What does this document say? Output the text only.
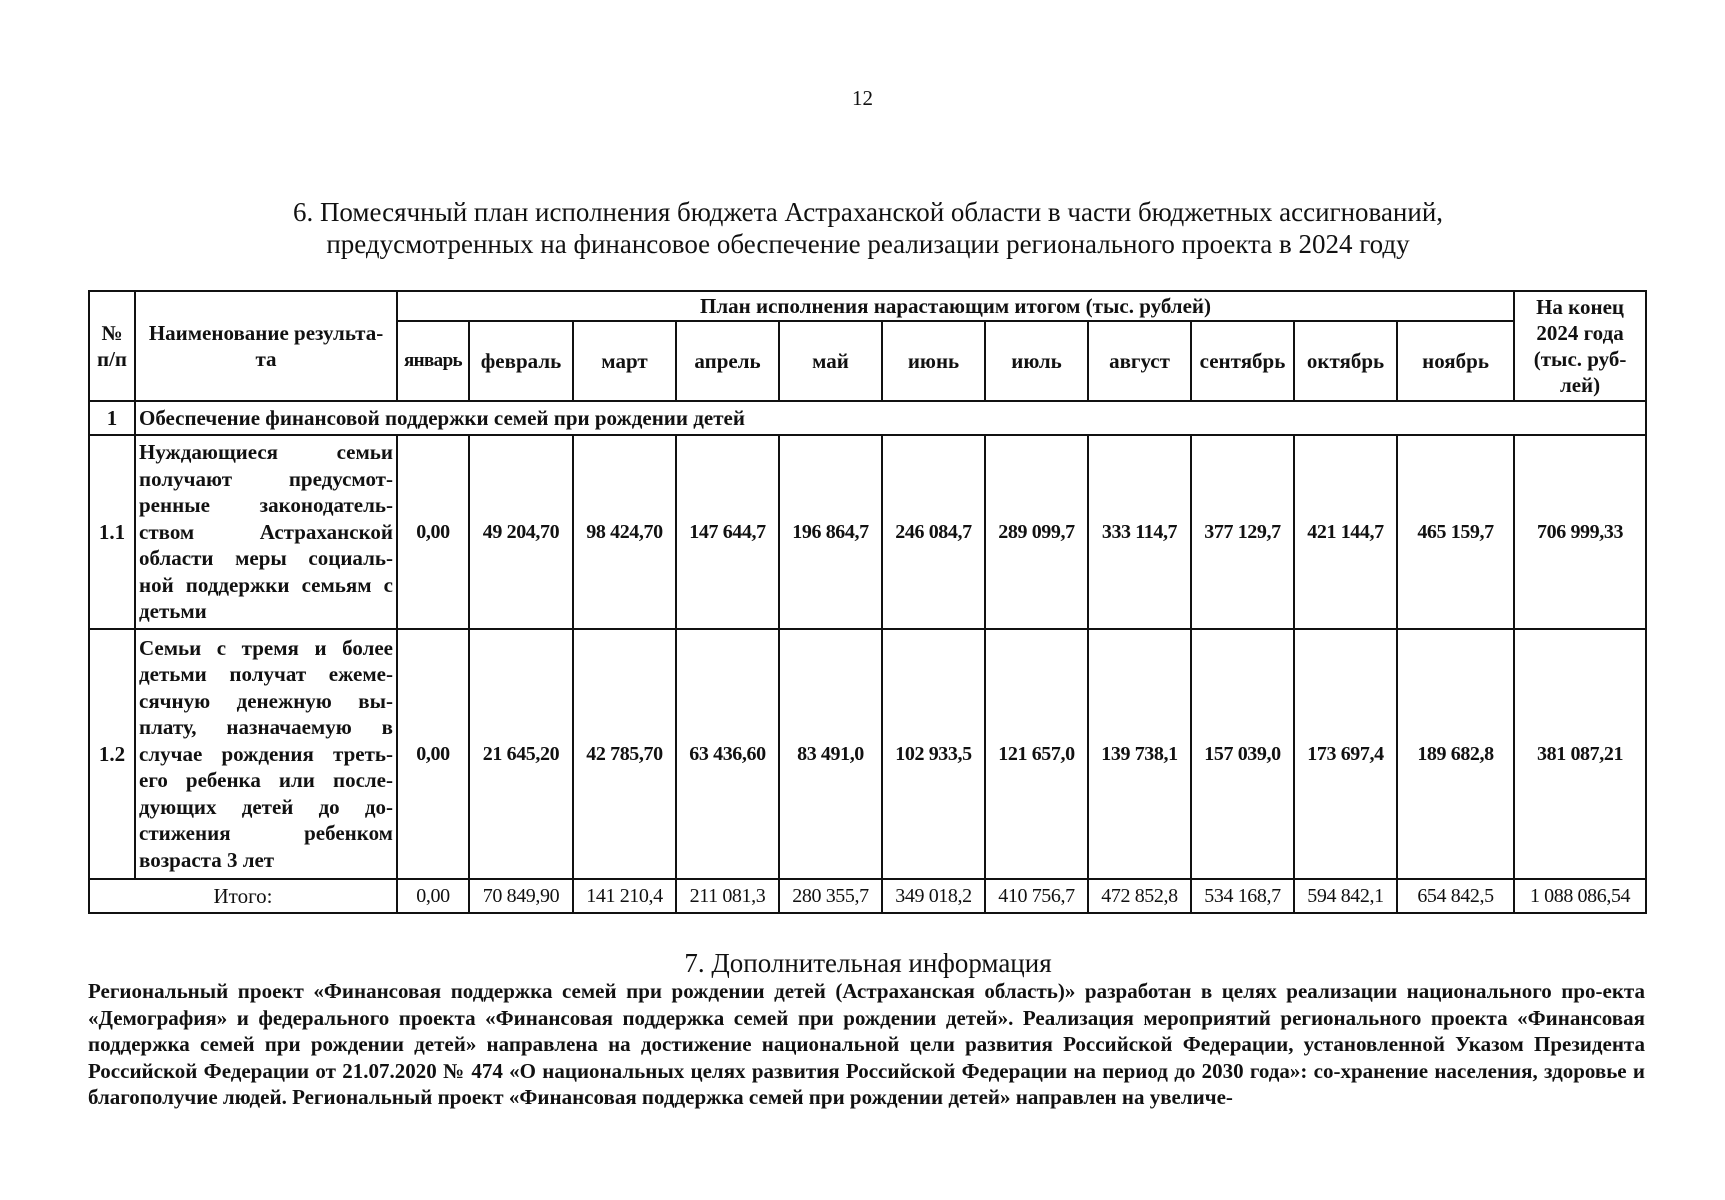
12
6. Помесячный план исполнения бюджета Астраханской области в части бюджетных ассигнований,
предусмотренных на финансовое обеспечение реализации регионального проекта в 2024 году
№ п/п	Наименование результа-та	План исполнения нарастающим итогом (тыс. рублей)											На конец 2024 года (тыс. руб-лей)
		январь	февраль	март	апрель	май	июнь	июль	август	сентябрь	октябрь	ноябрь	
1	Обеспечение финансовой поддержки семей при рождении детей												
1.1	Нуждающиеся семьи получают предусмот-ренные законодатель-ством Астраханской области меры социаль-ной поддержки семьям с детьми	0,00	49 204,70	98 424,70	147 644,7	196 864,7	246 084,7	289 099,7	333 114,7	377 129,7	421 144,7	465 159,7	706 999,33
1.2	Семьи с тремя и более детьми получат ежеме-сячную денежную вы-плату, назначаемую в случае рождения треть-его ребенка или после-дующих детей до до-стижения ребенком возраста 3 лет	0,00	21 645,20	42 785,70	63 436,60	83 491,0	102 933,5	121 657,0	139 738,1	157 039,0	173 697,4	189 682,8	381 087,21
Итого:		0,00	70 849,90	141 210,4	211 081,3	280 355,7	349 018,2	410 756,7	472 852,8	534 168,7	594 842,1	654 842,5	1 088 086,54
7. Дополнительная информация
Региональный проект «Финансовая поддержка семей при рождении детей (Астраханская область)» разработан в целях реализации национального про-екта «Демография» и федерального проекта «Финансовая поддержка семей при рождении детей». Реализация мероприятий регионального проекта «Финансовая поддержка семей при рождении детей» направлена на достижение национальной цели развития Российской Федерации, установленной Указом Президента Российской Федерации от 21.07.2020 № 474 «О национальных целях развития Российской Федерации на период до 2030 года»: со-хранение населения, здоровье и благополучие людей. Региональный проект «Финансовая поддержка семей при рождении детей» направлен на увеличе-
